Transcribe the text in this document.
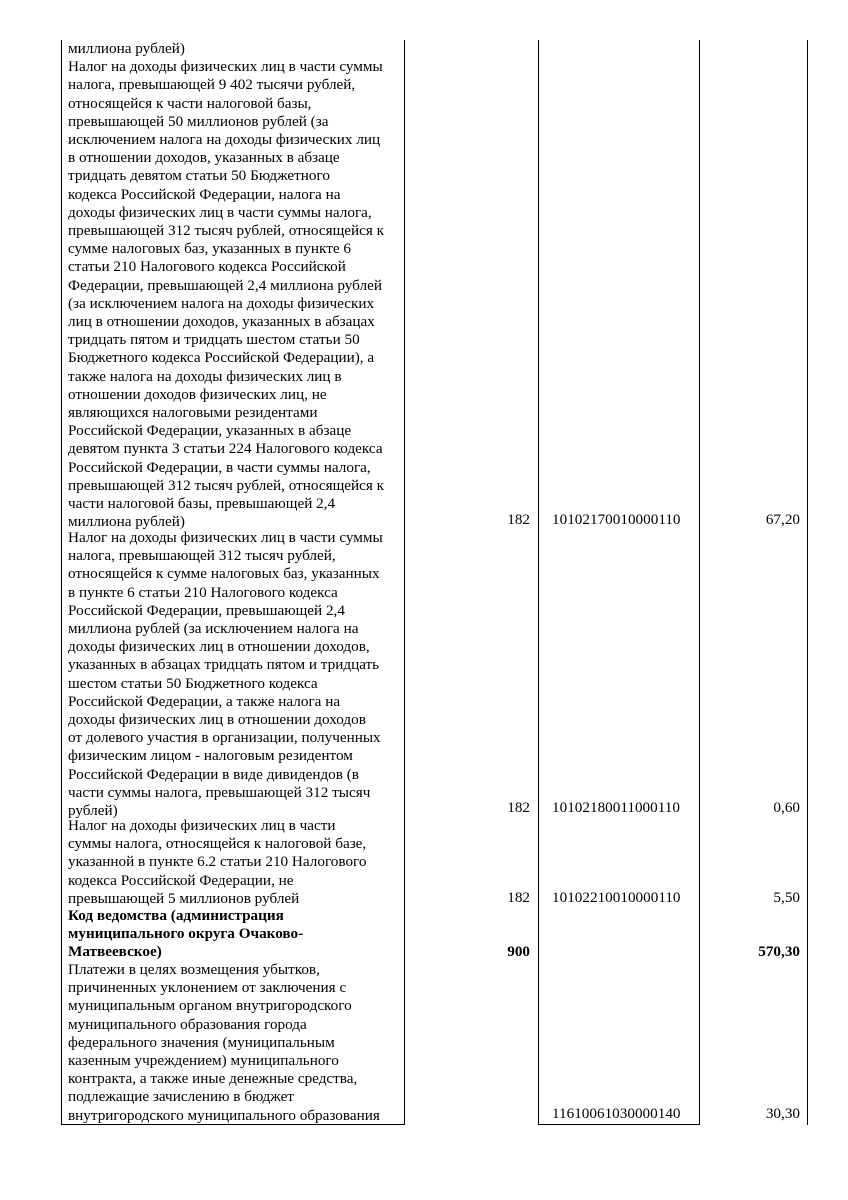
миллиона рублей)
Налог на доходы физических лиц в части суммы
налога, превышающей 9 402 тысячи рублей,
относящейся к части налоговой базы,
превышающей 50 миллионов рублей (за
исключением налога на доходы физических лиц
в отношении доходов, указанных в абзаце
тридцать девятом статьи 50 Бюджетного
кодекса Российской Федерации, налога на
доходы физических лиц в части суммы налога,
превышающей 312 тысяч рублей, относящейся к
сумме налоговых баз, указанных в пункте 6
статьи 210 Налогового кодекса Российской
Федерации, превышающей 2,4 миллиона рублей
(за исключением налога на доходы физических
лиц в отношении доходов, указанных в абзацах
тридцать пятом и тридцать шестом статьи 50
Бюджетного кодекса Российской Федерации), а
также налога на доходы физических лиц в
отношении доходов физических лиц, не
являющихся налоговыми резидентами
Российской Федерации, указанных в абзаце
девятом пункта 3 статьи 224 Налогового кодекса
Российской Федерации, в части суммы налога,
превышающей 312 тысяч рублей, относящейся к
части налоговой базы, превышающей 2,4
миллиона рублей)	182 10102170010000110	67,20
Налог на доходы физических лиц в части суммы
налога, превышающей 312 тысяч рублей,
относящейся к сумме налоговых баз, указанных
в пункте 6 статьи 210 Налогового кодекса
Российской Федерации, превышающей 2,4
миллиона рублей (за исключением налога на
доходы физических лиц в отношении доходов,
указанных в абзацах тридцать пятом и тридцать
шестом статьи 50 Бюджетного кодекса
Российской Федерации, а также налога на
доходы физических лиц в отношении доходов
от долевого участия в организации, полученных
физическим лицом - налоговым резидентом
Российской Федерации в виде дивидендов (в
части суммы налога, превышающей 312 тысяч
рублей)	182 10102180011000110	0,60
Налог на доходы физических лиц в части
суммы налога, относящейся к налоговой базе,
указанной в пункте 6.2 статьи 210 Налогового
кодекса Российской Федерации, не
превышающей 5 миллионов рублей	182 10102210010000110	5,50
Код ведомства (администрация
муниципального округа Очаково-
Матвеевское)	900	570,30
Платежи в целях возмещения убытков,
причиненных уклонением от заключения с
муниципальным органом внутригородского
муниципального образования города
федерального значения (муниципальным
казенным учреждением) муниципального
контракта, а также иные денежные средства,
подлежащие зачислению в бюджет
внутригородского муниципального образования	11610061030000140	30,30
